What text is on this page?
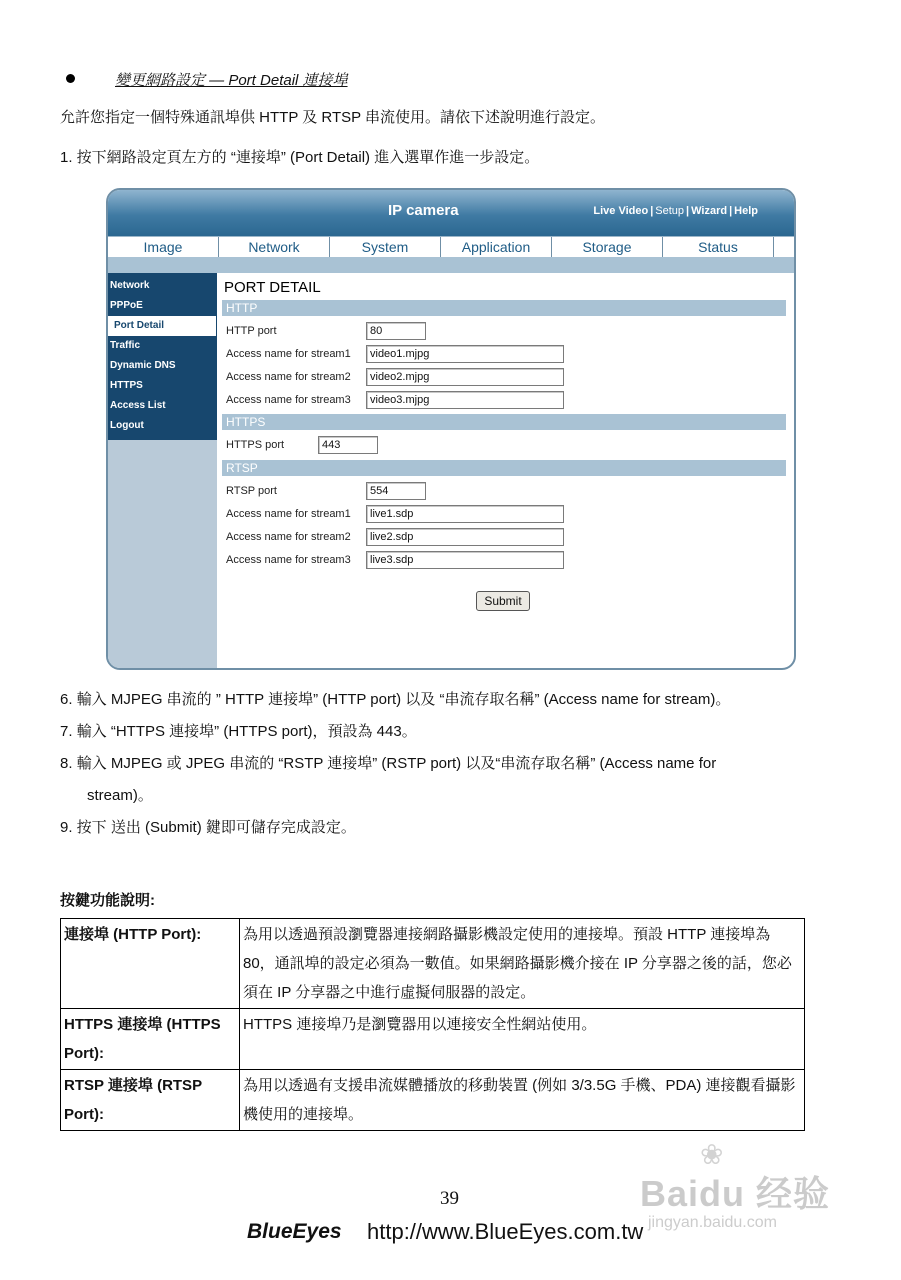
變更網路設定 — Port Detail 連接埠
允許您指定一個特殊通訊埠供 HTTP 及 RTSP 串流使用。請依下述說明進行設定。
1. 按下網路設定頁左方的 “連接埠” (Port Detail) 進入選單作進一步設定。
IP camera	Live Video | Setup | Wizard | Help
Image	Network	System	Application	Storage	Status
Network
PPPoE
Port Detail
Traffic
Dynamic DNS
HTTPS
Access List
Logout
PORT DETAIL
HTTP
HTTP port	80
Access name for stream1	video1.mjpg
Access name for stream2	video2.mjpg
Access name for stream3	video3.mjpg
HTTPS
HTTPS port	443
RTSP
RTSP port	554
Access name for stream1	live1.sdp
Access name for stream2	live2.sdp
Access name for stream3	live3.sdp
Submit
6. 輸入 MJPEG 串流的 ” HTTP 連接埠” (HTTP port) 以及 “串流存取名稱” (Access name for stream)。
7. 輸入 “HTTPS 連接埠” (HTTPS port)，預設為 443。
8. 輸入 MJPEG 或 JPEG 串流的 “RSTP 連接埠” (RSTP port) 以及“串流存取名稱” (Access name for
stream)。
9. 按下 送出 (Submit) 鍵即可儲存完成設定。
按鍵功能說明:
連接埠 (HTTP Port):	為用以透過預設瀏覽器連接網路攝影機設定使用的連接埠。預設 HTTP 連接埠為 80，通訊埠的設定必須為一數值。如果網路攝影機介接在 IP 分享器之後的話，您必須在 IP 分享器之中進行虛擬伺服器的設定。
HTTPS 連接埠 (HTTPS Port):	HTTPS 連接埠乃是瀏覽器用以連接安全性網站使用。
RTSP 連接埠 (RTSP Port):	為用以透過有支援串流媒體播放的移動裝置 (例如 3/3.5G 手機、PDA) 連接觀看攝影機使用的連接埠。
39
BlueEyes http://www.BlueEyes.com.tw
❀
Baidu 经验
jingyan.baidu.com
